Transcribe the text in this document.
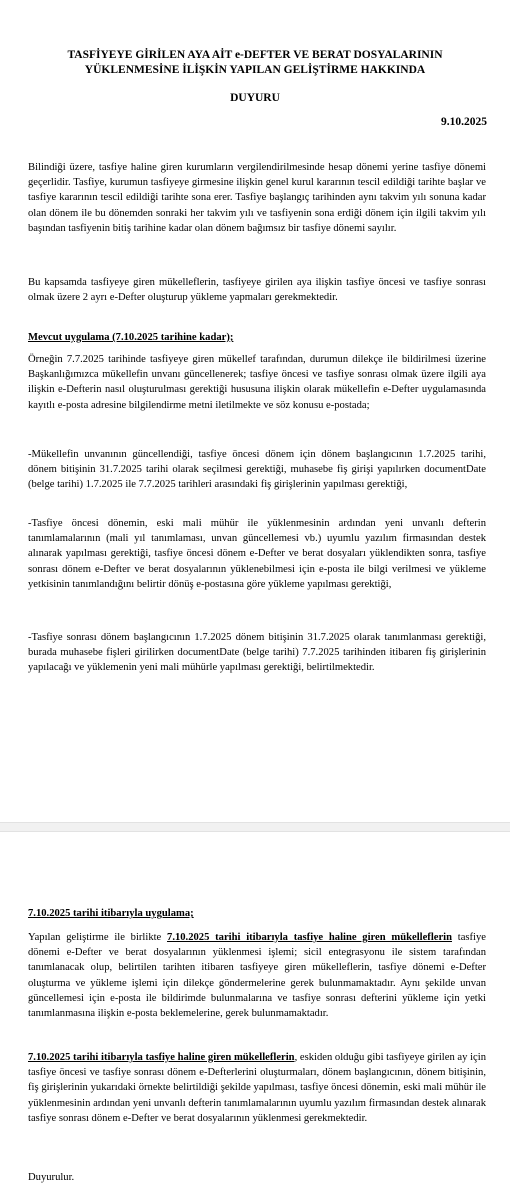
TASFİYEYE GİRİLEN AYA AİT e-DEFTER VE BERAT DOSYALARININ
YÜKLENMESİNE İLİŞKİN YAPILAN GELİŞTİRME HAKKINDA
DUYURU
9.10.2025
Bilindiği üzere, tasfiye haline giren kurumların vergilendirilmesinde hesap dönemi yerine tasfiye dönemi geçerlidir. Tasfiye, kurumun tasfiyeye girmesine ilişkin genel kurul kararının tescil edildiği tarihte başlar ve tasfiye kararının tescil edildiği tarihte sona erer. Tasfiye başlangıç tarihinden aynı takvim yılı sonuna kadar olan dönem ile bu dönemden sonraki her takvim yılı ve tasfiyenin sona erdiği dönem için ilgili takvim yılı başından tasfiyenin bitiş tarihine kadar olan dönem bağımsız bir tasfiye dönemi sayılır.
Bu kapsamda tasfiyeye giren mükelleflerin, tasfiyeye girilen aya ilişkin tasfiye öncesi ve tasfiye sonrası olmak üzere 2 ayrı e-Defter oluşturup yükleme yapmaları gerekmektedir.
Mevcut uygulama (7.10.2025 tarihine kadar);
Örneğin 7.7.2025 tarihinde tasfiyeye giren mükellef tarafından, durumun dilekçe ile bildirilmesi üzerine Başkanlığımızca mükellefin unvanı güncellenerek; tasfiye öncesi ve tasfiye sonrası olmak üzere ilgili aya ilişkin e-Defterin nasıl oluşturulması gerektiği hususuna ilişkin olarak mükellefin e-Defter uygulamasında kayıtlı e-posta adresine bilgilendirme metni iletilmekte ve söz konusu e-postada;
-Mükellefin unvanının güncellendiği, tasfiye öncesi dönem için dönem başlangıcının 1.7.2025 tarihi, dönem bitişinin 31.7.2025 tarihi olarak seçilmesi gerektiği, muhasebe fiş girişi yapılırken documentDate (belge tarihi) 1.7.2025 ile 7.7.2025 tarihleri arasındaki fiş girişlerinin yapılması gerektiği,
-Tasfiye öncesi dönemin, eski mali mühür ile yüklenmesinin ardından yeni unvanlı defterin tanımlamalarının (mali yıl tanımlaması, unvan güncellemesi vb.) uyumlu yazılım firmasından destek alınarak yapılması gerektiği, tasfiye öncesi dönem e-Defter ve berat dosyaları yüklendikten sonra, tasfiye sonrası dönem e-Defter ve berat dosyalarının yüklenebilmesi için e-posta ile bilgi verilmesi ve yükleme yetkisinin tanımlandığını belirtir dönüş e-postasına göre yükleme yapılması gerektiği,
-Tasfiye sonrası dönem başlangıcının 1.7.2025 dönem bitişinin 31.7.2025 olarak tanımlanması gerektiği, burada muhasebe fişleri girilirken documentDate (belge tarihi) 7.7.2025 tarihinden itibaren fiş girişlerinin yapılacağı ve yüklemenin yeni mali mühürle yapılması gerektiği, belirtilmektedir.
7.10.2025 tarihi itibarıyla uygulama;
Yapılan geliştirme ile birlikte 7.10.2025 tarihi itibarıyla tasfiye haline giren mükelleflerin tasfiye dönemi e-Defter ve berat dosyalarının yüklenmesi işlemi; sicil entegrasyonu ile sistem tarafından tanımlanacak olup, belirtilen tarihten itibaren tasfiyeye giren mükelleflerin, tasfiye dönemi e-Defter oluşturma ve yükleme işlemi için dilekçe göndermelerine gerek bulunmamaktadır. Aynı şekilde unvan güncellemesi için e-posta ile bildirimde bulunmalarına ve tasfiye sonrası defterini yükleme için yetki tanımlanmasına ilişkin e-posta beklemelerine, gerek bulunmamaktadır.
7.10.2025 tarihi itibarıyla tasfiye haline giren mükelleflerin, eskiden olduğu gibi tasfiyeye girilen ay için tasfiye öncesi ve tasfiye sonrası dönem e-Defterlerini oluşturmaları, dönem başlangıcının, dönem bitişinin, fiş girişlerinin yukarıdaki örnekte belirtildiği şekilde yapılması, tasfiye öncesi dönemin, eski mali mühür ile yüklenmesinin ardından yeni unvanlı defterin tanımlamalarının uyumlu yazılım firmasından destek alınarak tasfiye sonrası dönem e-Defter ve berat dosyalarının yüklenmesi gerekmektedir.
Duyurulur.
